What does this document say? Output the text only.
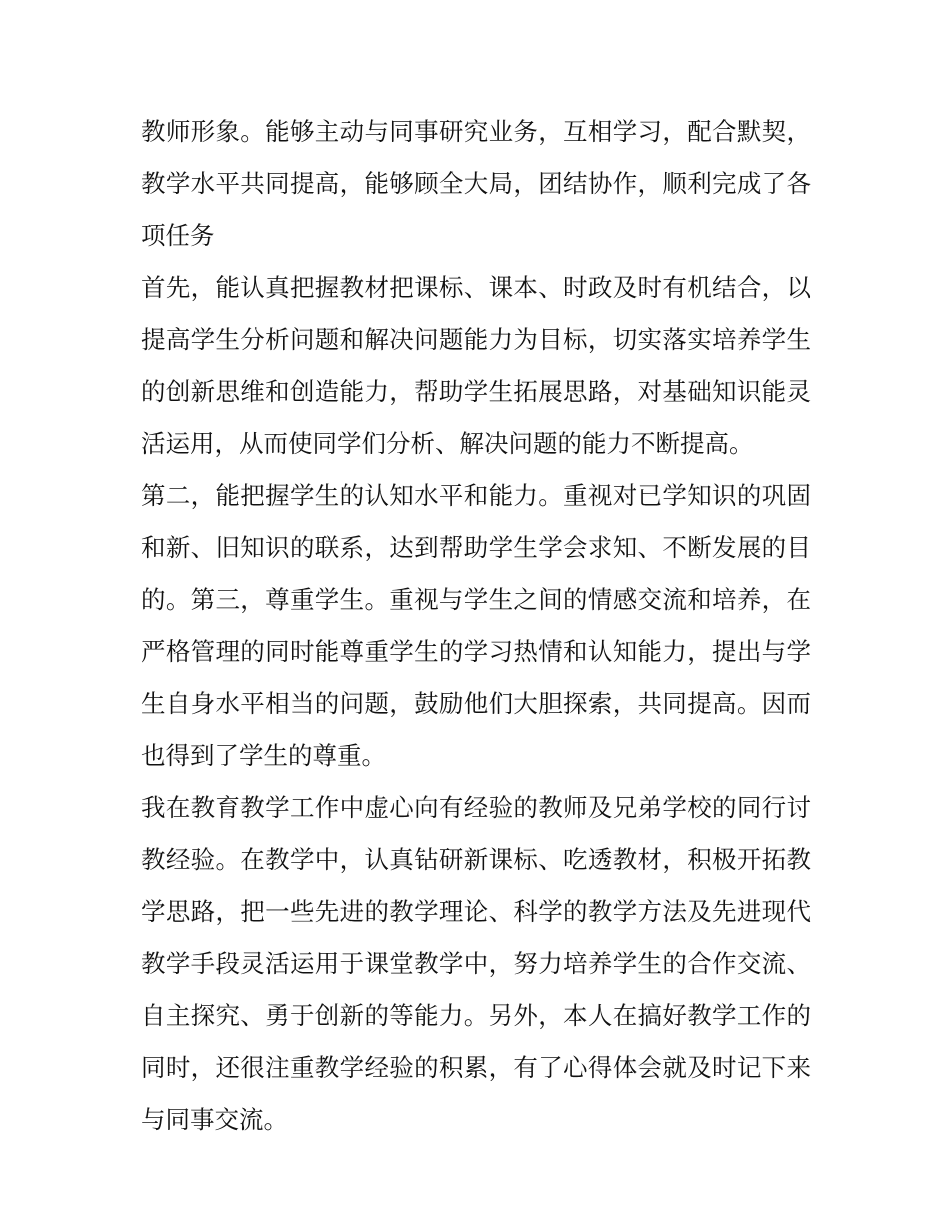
教师形象。能够主动与同事研究业务，互相学习，配合默契，教学水平共同提高，能够顾全大局，团结协作，顺利完成了各项任务

首先，能认真把握教材把课标、课本、时政及时有机结合，以提高学生分析问题和解决问题能力为目标，切实落实培养学生的创新思维和创造能力，帮助学生拓展思路，对基础知识能灵活运用，从而使同学们分析、解决问题的能力不断提高。

第二，能把握学生的认知水平和能力。重视对已学知识的巩固和新、旧知识的联系，达到帮助学生学会求知、不断发展的目的。第三，尊重学生。重视与学生之间的情感交流和培养，在严格管理的同时能尊重学生的学习热情和认知能力，提出与学生自身水平相当的问题，鼓励他们大胆探索，共同提高。因而也得到了学生的尊重。

我在教育教学工作中虚心向有经验的教师及兄弟学校的同行讨教经验。在教学中，认真钻研新课标、吃透教材，积极开拓教学思路，把一些先进的教学理论、科学的教学方法及先进现代教学手段灵活运用于课堂教学中，努力培养学生的合作交流、自主探究、勇于创新的等能力。另外，本人在搞好教学工作的同时，还很注重教学经验的积累，有了心得体会就及时记下来与同事交流。
